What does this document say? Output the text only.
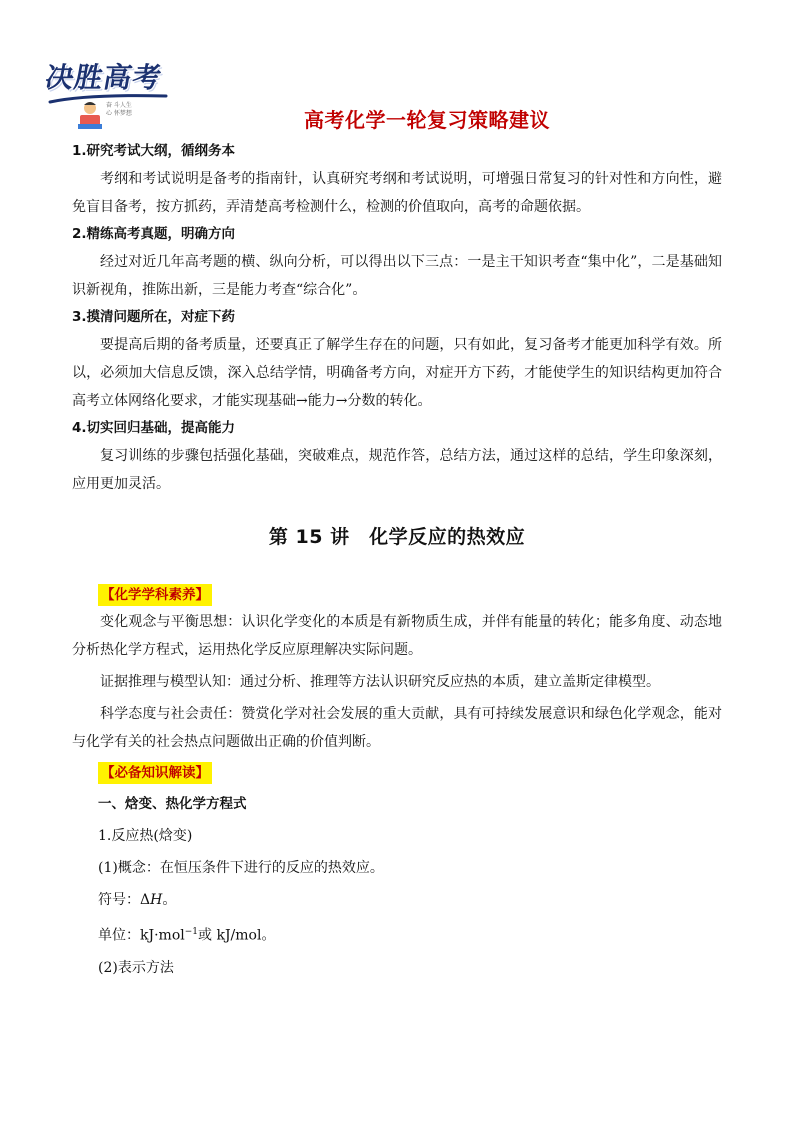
决胜高考
奋 斗人生
心 怀梦想	高考化学一轮复习策略建议

1.研究考试大纲，循纲务本

考纲和考试说明是备考的指南针，认真研究考纲和考试说明，可增强日常复习的针对性和方向性，避免盲目备考，按方抓药，弄清楚高考检测什么，检测的价值取向，高考的命题依据。

2.精练高考真题，明确方向

经过对近几年高考题的横、纵向分析，可以得出以下三点：一是主干知识考查“集中化”，二是基础知识新视角，推陈出新，三是能力考查“综合化”。

3.摸清问题所在，对症下药

要提高后期的备考质量，还要真正了解学生存在的问题，只有如此，复习备考才能更加科学有效。所以，必须加大信息反馈，深入总结学情，明确备考方向，对症开方下药，才能使学生的知识结构更加符合高考立体网络化要求，才能实现基础→能力→分数的转化。

4.切实回归基础，提高能力

复习训练的步骤包括强化基础，突破难点，规范作答，总结方法，通过这样的总结，学生印象深刻，应用更加灵活。

第 15 讲　化学反应的热效应
【化学学科素养】

变化观念与平衡思想：认识化学变化的本质是有新物质生成，并伴有能量的转化；能多角度、动态地分析热化学方程式，运用热化学反应原理解决实际问题。

证据推理与模型认知：通过分析、推理等方法认识研究反应热的本质，建立盖斯定律模型。

科学态度与社会责任：赞赏化学对社会发展的重大贡献，具有可持续发展意识和绿色化学观念，能对与化学有关的社会热点问题做出正确的价值判断。

【必备知识解读】

一、焓变、热化学方程式

1.反应热(焓变)

(1)概念：在恒压条件下进行的反应的热效应。

符号：ΔH。

单位：kJ·mol$^{-1}$或 kJ/mol。

(2)表示方法
